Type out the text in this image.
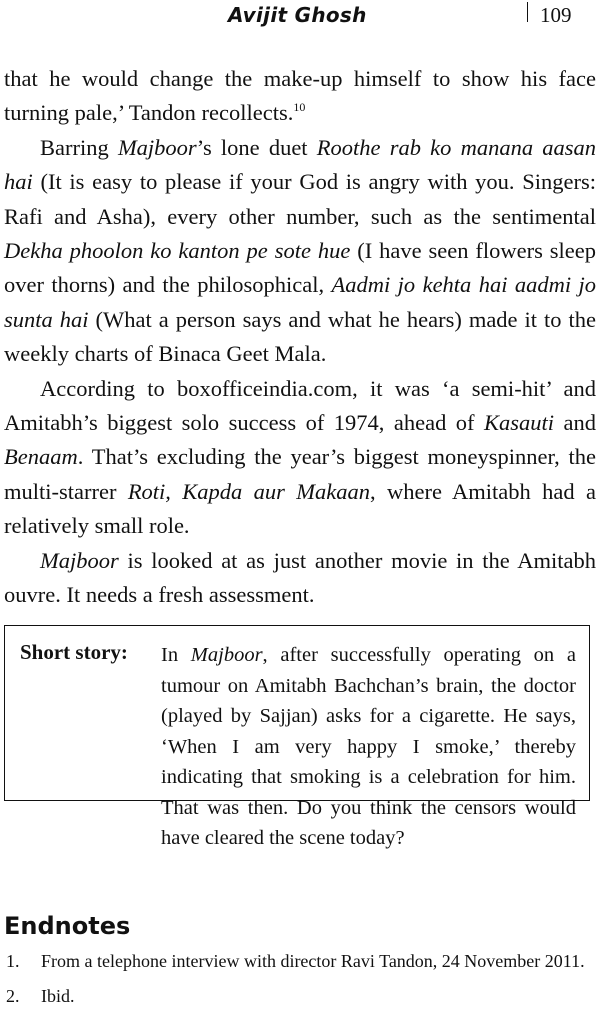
Avijit Ghosh	109

that he would change the make-up himself to show his face turning pale,’ Tandon recollects.$^{10}$

Barring Majboor’s lone duet Roothe rab ko manana aasan hai (It is easy to please if your God is angry with you. Singers: Rafi and Asha), every other number, such as the sentimental Dekha phoolon ko kanton pe sote hue (I have seen flowers sleep over thorns) and the philosophical, Aadmi jo kehta hai aadmi jo sunta hai (What a person says and what he hears) made it to the weekly charts of Binaca Geet Mala.

According to boxofficeindia.com, it was ‘a semi-hit’ and Amitabh’s biggest solo success of 1974, ahead of Kasauti and Benaam. That’s excluding the year’s biggest moneyspinner, the multi-starrer Roti, Kapda aur Makaan, where Amitabh had a relatively small role.

Majboor is looked at as just another movie in the Amitabh ouvre. It needs a fresh assessment.

Short story: In Majboor, after successfully operating on a tumour on Amitabh Bachchan’s brain, the doctor (played by Sajjan) asks for a cigarette. He says, ‘When I am very happy I smoke,’ thereby indicating that smoking is a celebration for him. That was then. Do you think the censors would have cleared the scene today?
Endnotes
1. From a telephone interview with director Ravi Tandon, 24 November 2011.
2. Ibid.
